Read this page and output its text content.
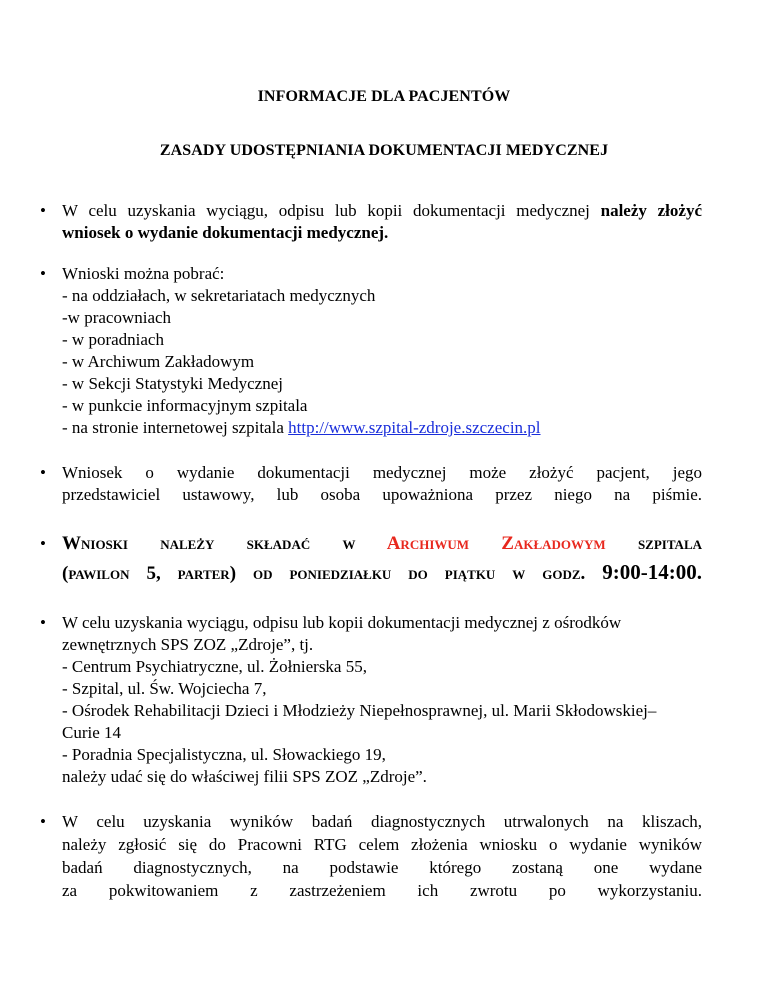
INFORMACJE DLA PACJENTÓW
ZASADY UDOSTĘPNIANIA DOKUMENTACJI MEDYCZNEJ
• W celu uzyskania wyciągu, odpisu lub kopii dokumentacji medycznej należy złożyć
wniosek o wydanie dokumentacji medycznej.
• Wnioski można pobrać:
- na oddziałach, w sekretariatach medycznych
-w pracowniach
- w poradniach
- w Archiwum Zakładowym
- w Sekcji Statystyki Medycznej
- w punkcie informacyjnym szpitala
- na stronie internetowej szpitala http://www.szpital-zdroje.szczecin.pl
• Wniosek o wydanie dokumentacji medycznej może złożyć pacjent, jego
przedstawiciel ustawowy, lub osoba upoważniona przez niego na piśmie.
• Wnioski należy składać w Archiwum Zakładowym szpitala
(pawilon 5, parter) od poniedziałku do piątku w godz. 9:00-14:00.
• W celu uzyskania wyciągu, odpisu lub kopii dokumentacji medycznej z ośrodków
zewnętrznych SPS ZOZ „Zdroje”, tj.
- Centrum Psychiatryczne, ul. Żołnierska 55,
- Szpital, ul. Św. Wojciecha 7,
- Ośrodek Rehabilitacji Dzieci i Młodzieży Niepełnosprawnej, ul. Marii Skłodowskiej–
Curie 14
- Poradnia Specjalistyczna, ul. Słowackiego 19,
należy udać się do właściwej filii SPS ZOZ „Zdroje”.
• W celu uzyskania wyników badań diagnostycznych utrwalonych na kliszach,
należy zgłosić się do Pracowni RTG celem złożenia wniosku o wydanie wyników
badań diagnostycznych, na podstawie którego zostaną one wydane
za pokwitowaniem z zastrzeżeniem ich zwrotu po wykorzystaniu.
